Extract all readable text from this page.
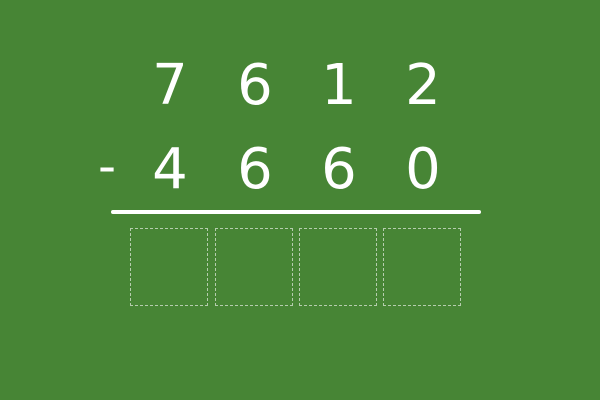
7 6 1 2
- 4 6 6 0
